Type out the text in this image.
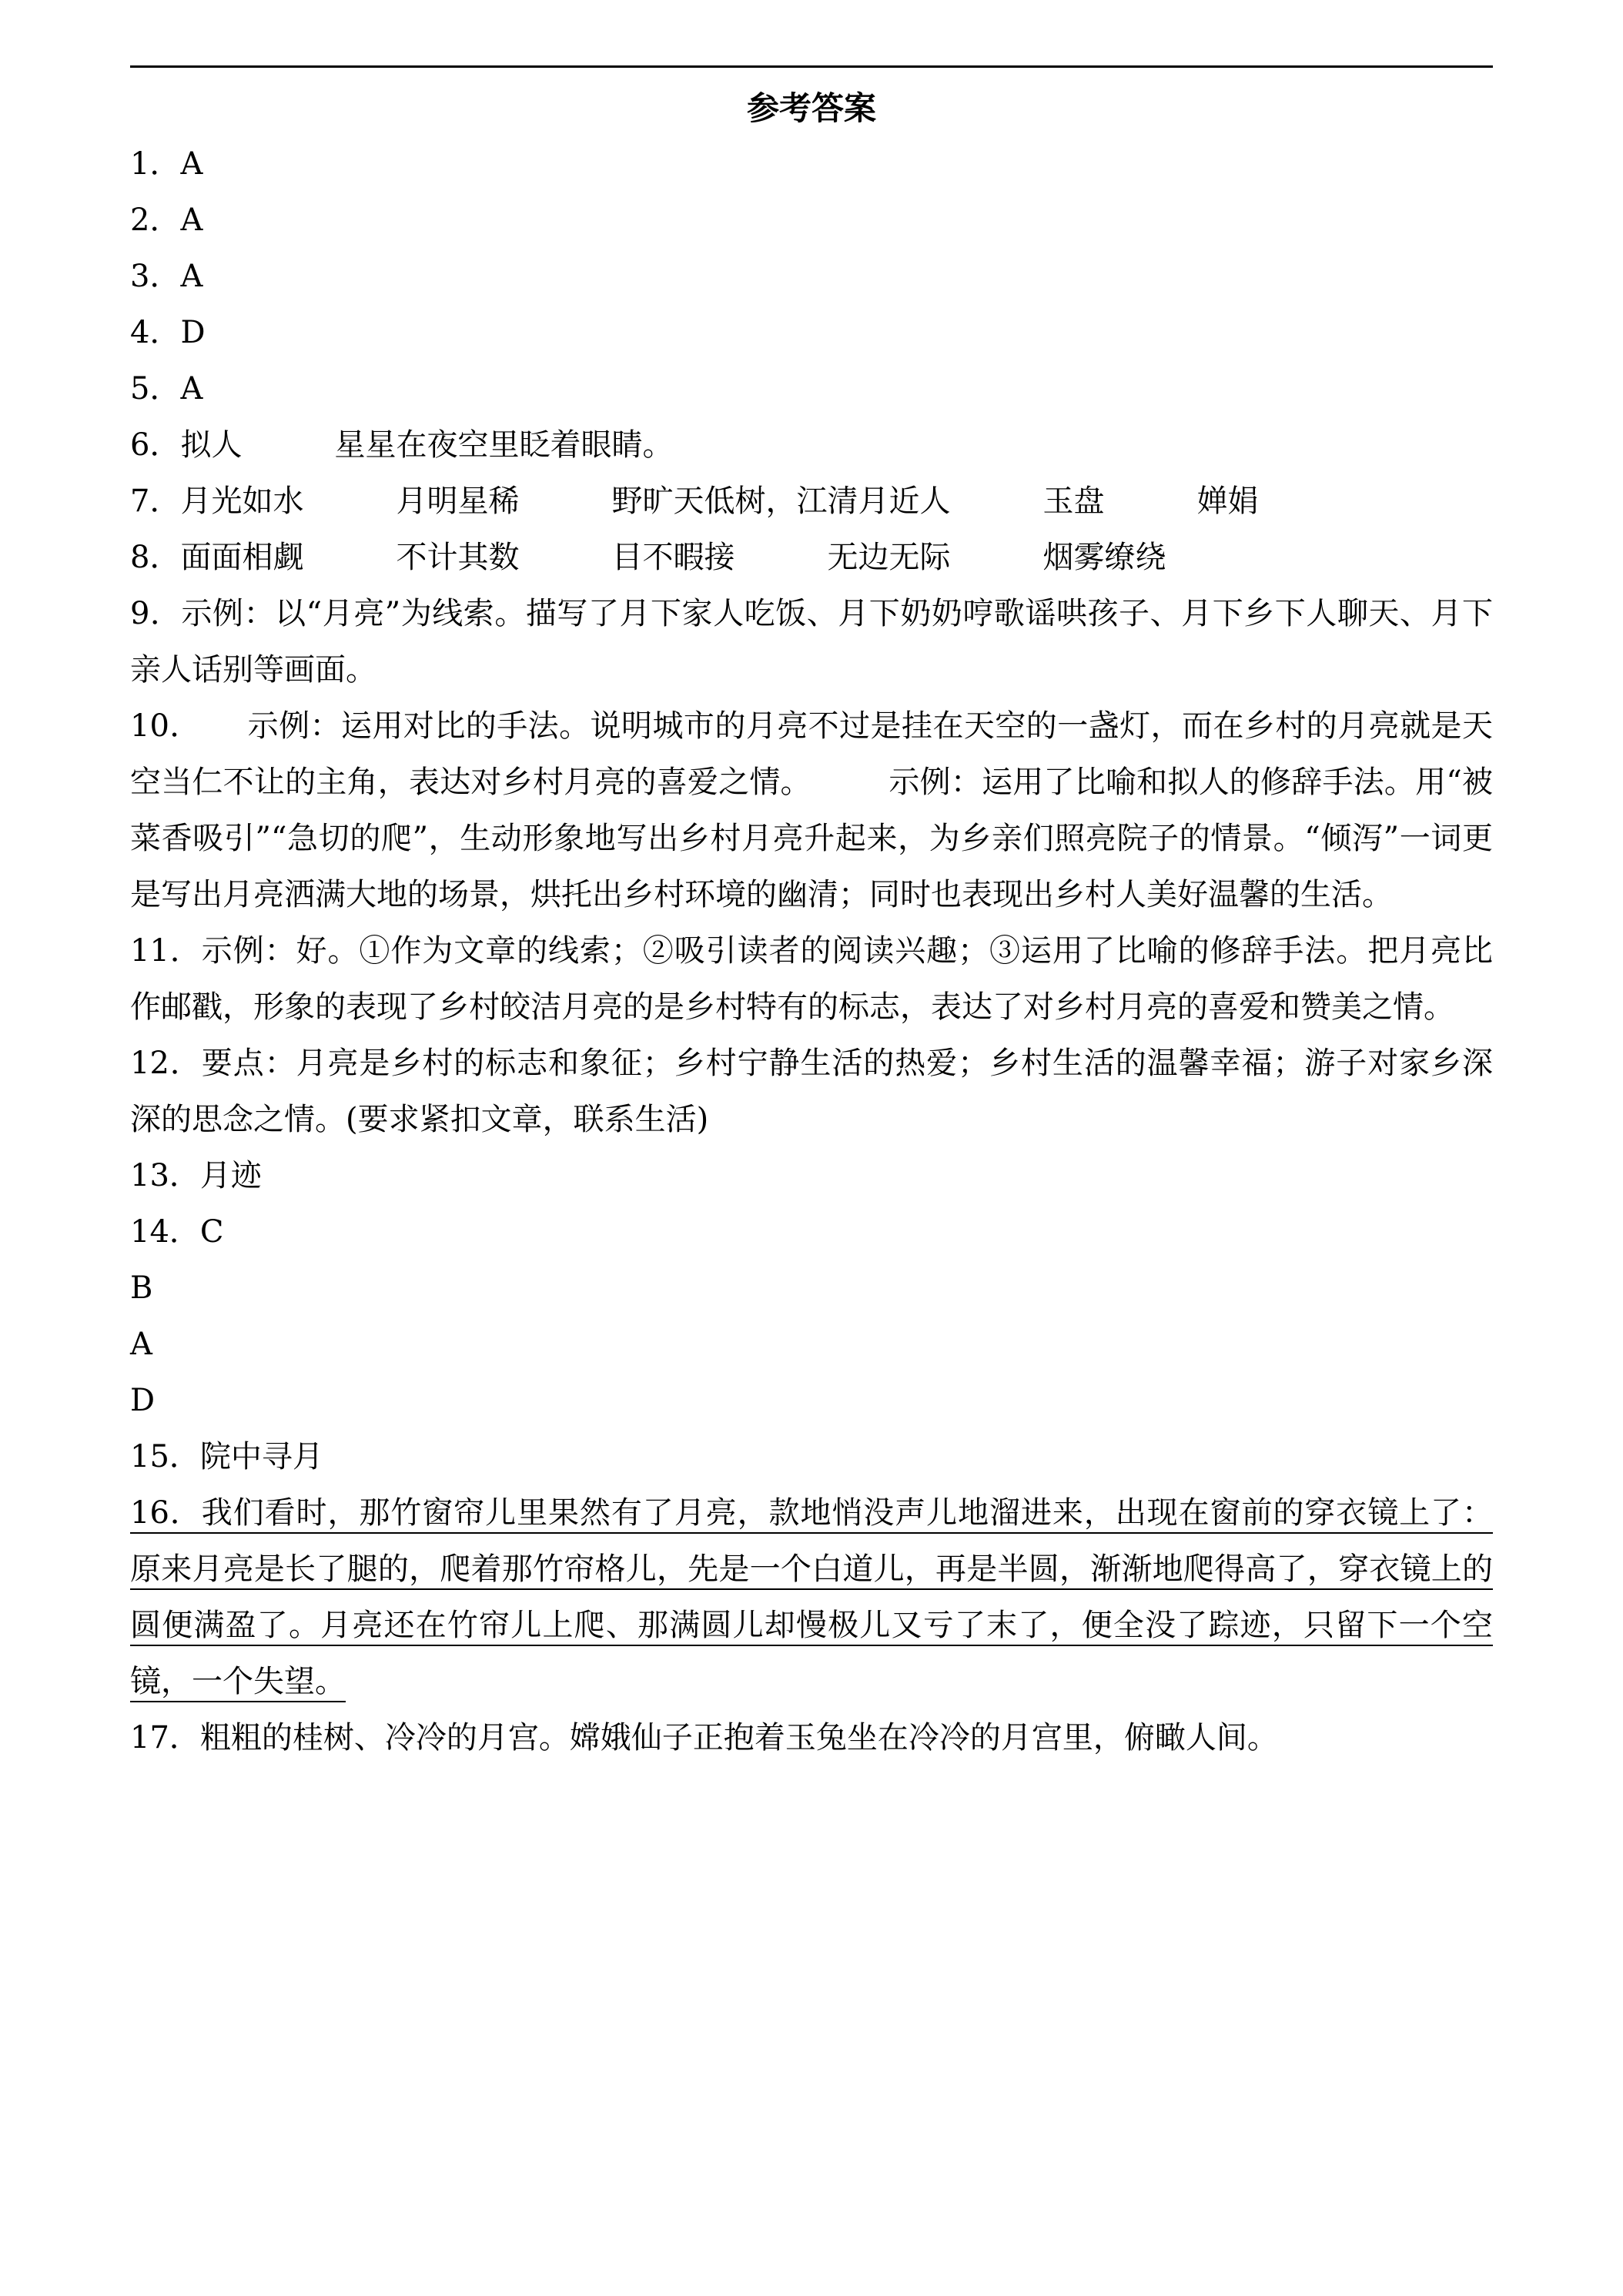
参考答案

1．A

2．A

3．A

4．D

5．A

6．拟人　　　星星在夜空里眨着眼睛。

7．月光如水　　　月明星稀　　　野旷天低树，江清月近人　　　玉盘　　　婵娟

8．面面相觑　　　不计其数　　　目不暇接　　　无边无际　　　烟雾缭绕

9．示例：以“月亮”为线索。描写了月下家人吃饭、月下奶奶哼歌谣哄孩子、月下乡下人聊天、月下亲人话别等画面。

10．　　示例：运用对比的手法。说明城市的月亮不过是挂在天空的一盏灯，而在乡村的月亮就是天空当仁不让的主角，表达对乡村月亮的喜爱之情。　　　示例：运用了比喻和拟人的修辞手法。用“被菜香吸引”“急切的爬”，生动形象地写出乡村月亮升起来，为乡亲们照亮院子的情景。“倾泻”一词更是写出月亮洒满大地的场景，烘托出乡村环境的幽清；同时也表现出乡村人美好温馨的生活。

11．示例：好。①作为文章的线索；②吸引读者的阅读兴趣；③运用了比喻的修辞手法。把月亮比作邮戳，形象的表现了乡村皎洁月亮的是乡村特有的标志，表达了对乡村月亮的喜爱和赞美之情。

12．要点：月亮是乡村的标志和象征；乡村宁静生活的热爱；乡村生活的温馨幸福；游子对家乡深深的思念之情。(要求紧扣文章，联系生活)

13．月迹

14．C

B

A

D

15．院中寻月

16．我们看时，那竹窗帘儿里果然有了月亮，款地悄没声儿地溜进来，出现在窗前的穿衣镜上了：原来月亮是长了腿的，爬着那竹帘格儿，先是一个白道儿，再是半圆，渐渐地爬得高了，穿衣镜上的圆便满盈了。月亮还在竹帘儿上爬、那满圆儿却慢极儿又亏了末了，便全没了踪迹，只留下一个空镜，一个失望。

17．粗粗的桂树、冷冷的月宫。嫦娥仙子正抱着玉兔坐在冷冷的月宫里，俯瞰人间。
